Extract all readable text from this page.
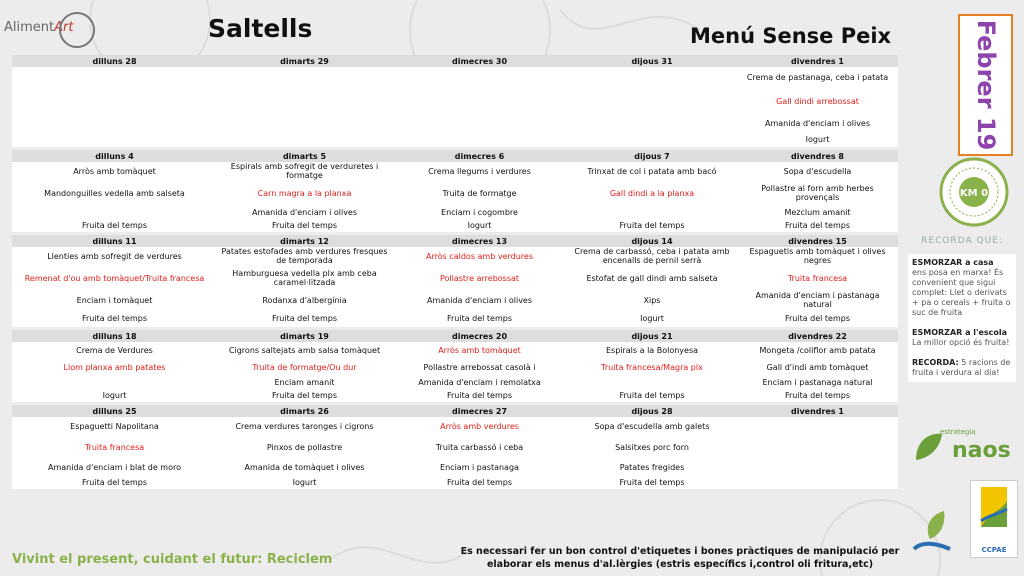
AlimentArt	Saltells	Menú Sense Peix	Febrer 19
KM 0
dilluns 28	dimarts 29	dimecres 30	dijous 31	divendres 1
				Crema de pastanaga, ceba i patata
				Gall dindi arrebossat
				Amanida d'enciam i olives
				Iogurt

dilluns 4	dimarts 5	dimecres 6	dijous 7	divendres 8
Arròs amb tomàquet	Espirals amb sofregit de verduretes i formatge	Crema llegums i verdures	Trinxat de col i patata amb bacó	Sopa d'escudella
Mandonguilles vedella amb salseta	Carn magra a la planxa	Truita de formatge	Gall dindi a la planxa	Pollastre al forn amb herbes provençals
	Amanida d'enciam i olives	Enciam i cogombre		Mezclum amanit
Fruita del temps	Fruita del temps	Iogurt	Fruita del temps	Fruita del temps

dilluns 11	dimarts 12	dimecres 13	dijous 14	divendres 15
Llenties amb sofregit de verdures	Patates estofades amb verdures fresques de temporada	Arròs caldos amb verdures	Crema de carbassó, ceba i patata amb encenalls de pernil serrà	Espaguetis amb tomàquet i olives negres
Remenat d'ou amb tomàquet/Truita francesa	Hamburguesa vedella plx amb ceba caramel·litzada	Pollastre arrebossat	Estofat de gall dindi amb salseta	Truita francesa
Enciam i tomàquet	Rodanxa d'albergínia	Amanida d'enciam i olives	Xips	Amanida d'enciam i pastanaga natural
Fruita del temps	Fruita del temps	Fruita del temps	Iogurt	Fruita del temps

dilluns 18	dimarts 19	dimecres 20	dijous 21	divendres 22
Crema de Verdures	Cigrons saltejats amb salsa tomàquet	Arròs amb tomàquet	Espirals a la Bolonyesa	Mongeta /coliflor amb patata
Llom planxa amb patates	Truita de formatge/Ou dur	Pollastre arrebossat casolà i	Truita francesa/Magra plx	Gall d'indi amb tomàquet
	Enciam amanit	Amanida d'enciam i remolatxa		Enciam i pastanaga natural
Iogurt	Fruita del temps	Fruita del temps	Fruita del temps	Fruita del temps

dilluns 25	dimarts 26	dimecres 27	dijous 28	divendres 1
Espaguetti Napolitana	Crema verdures taronges i cigrons	Arròs amb verdures	Sopa d'escudella amb galets	
Truita francesa	Pinxos de pollastre	Truita carbassó i ceba	Salsitxes porc forn	
Amanida d'enciam i blat de moro	Amanida de tomàquet i olives	Enciam i pastanaga	Patates fregides	
Fruita del temps	Iogurt	Fruita del temps	Fruita del temps	
RECORDA QUE:
ESMORZAR a casa
ens posa en marxa! És convenient que sigui complet: Llet o derivats + pa o cereals + fruita o suc de fruita

ESMORZAR a l'escola
La millor opció és fruita!

RECORDA: 5 racions de fruita i verdura al dia!
estrategia
naos
CCPAE
Vivint el present, cuidant el futur: Reciclem
Es necessari fer un bon control d'etiquetes i bones pràctiques de manipulació per elaborar els menus d'al.lèrgies (estris específics i,control oli fritura,etc)
